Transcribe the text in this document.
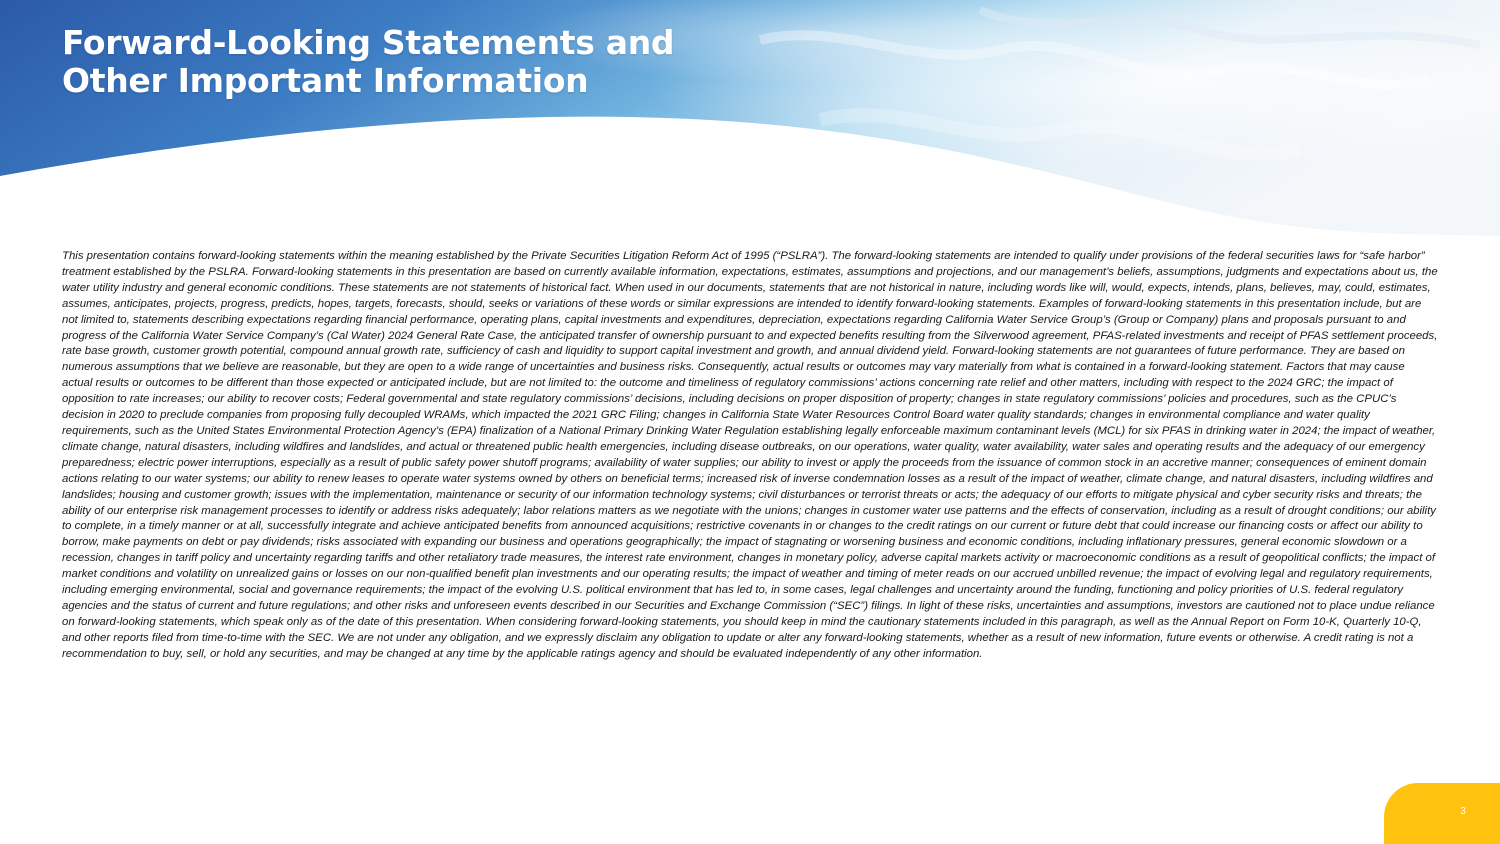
Forward-Looking Statements and
Other Important Information

This presentation contains forward-looking statements within the meaning established by the Private Securities Litigation Reform Act of 1995 (“PSLRA”). The forward-looking statements are intended to qualify under provisions of the federal securities laws for “safe harbor” treatment established by the PSLRA. Forward-looking statements in this presentation are based on currently available information, expectations, estimates, assumptions and projections, and our management’s beliefs, assumptions, judgments and expectations about us, the water utility industry and general economic conditions. These statements are not statements of historical fact. When used in our documents, statements that are not historical in nature, including words like will, would, expects, intends, plans, believes, may, could, estimates, assumes, anticipates, projects, progress, predicts, hopes, targets, forecasts, should, seeks or variations of these words or similar expressions are intended to identify forward-looking statements. Examples of forward-looking statements in this presentation include, but are not limited to, statements describing expectations regarding financial performance, operating plans, capital investments and expenditures, depreciation, expectations regarding California Water Service Group’s (Group or Company) plans and proposals pursuant to and progress of the California Water Service Company’s (Cal Water) 2024 General Rate Case, the anticipated transfer of ownership pursuant to and expected benefits resulting from the Silverwood agreement, PFAS-related investments and receipt of PFAS settlement proceeds, rate base growth, customer growth potential, compound annual growth rate, sufficiency of cash and liquidity to support capital investment and growth, and annual dividend yield. Forward-looking statements are not guarantees of future performance. They are based on numerous assumptions that we believe are reasonable, but they are open to a wide range of uncertainties and business risks. Consequently, actual results or outcomes may vary materially from what is contained in a forward-looking statement. Factors that may cause actual results or outcomes to be different than those expected or anticipated include, but are not limited to: the outcome and timeliness of regulatory commissions’ actions concerning rate relief and other matters, including with respect to the 2024 GRC; the impact of opposition to rate increases; our ability to recover costs; Federal governmental and state regulatory commissions’ decisions, including decisions on proper disposition of property; changes in state regulatory commissions’ policies and procedures, such as the CPUC’s decision in 2020 to preclude companies from proposing fully decoupled WRAMs, which impacted the 2021 GRC Filing; changes in California State Water Resources Control Board water quality standards; changes in environmental compliance and water quality requirements, such as the United States Environmental Protection Agency’s (EPA) finalization of a National Primary Drinking Water Regulation establishing legally enforceable maximum contaminant levels (MCL) for six PFAS in drinking water in 2024; the impact of weather, climate change, natural disasters, including wildfires and landslides, and actual or threatened public health emergencies, including disease outbreaks, on our operations, water quality, water availability, water sales and operating results and the adequacy of our emergency preparedness; electric power interruptions, especially as a result of public safety power shutoff programs; availability of water supplies; our ability to invest or apply the proceeds from the issuance of common stock in an accretive manner; consequences of eminent domain actions relating to our water systems; our ability to renew leases to operate water systems owned by others on beneficial terms; increased risk of inverse condemnation losses as a result of the impact of weather, climate change, and natural disasters, including wildfires and landslides; housing and customer growth; issues with the implementation, maintenance or security of our information technology systems; civil disturbances or terrorist threats or acts; the adequacy of our efforts to mitigate physical and cyber security risks and threats; the ability of our enterprise risk management processes to identify or address risks adequately; labor relations matters as we negotiate with the unions; changes in customer water use patterns and the effects of conservation, including as a result of drought conditions; our ability to complete, in a timely manner or at all, successfully integrate and achieve anticipated benefits from announced acquisitions; restrictive covenants in or changes to the credit ratings on our current or future debt that could increase our financing costs or affect our ability to borrow, make payments on debt or pay dividends; risks associated with expanding our business and operations geographically; the impact of stagnating or worsening business and economic conditions, including inflationary pressures, general economic slowdown or a recession, changes in tariff policy and uncertainty regarding tariffs and other retaliatory trade measures, the interest rate environment, changes in monetary policy, adverse capital markets activity or macroeconomic conditions as a result of geopolitical conflicts; the impact of market conditions and volatility on unrealized gains or losses on our non-qualified benefit plan investments and our operating results; the impact of weather and timing of meter reads on our accrued unbilled revenue; the impact of evolving legal and regulatory requirements, including emerging environmental, social and governance requirements; the impact of the evolving U.S. political environment that has led to, in some cases, legal challenges and uncertainty around the funding, functioning and policy priorities of U.S. federal regulatory agencies and the status of current and future regulations; and other risks and unforeseen events described in our Securities and Exchange Commission (“SEC”) filings. In light of these risks, uncertainties and assumptions, investors are cautioned not to place undue reliance on forward-looking statements, which speak only as of the date of this presentation. When considering forward-looking statements, you should keep in mind the cautionary statements included in this paragraph, as well as the Annual Report on Form 10-K, Quarterly 10-Q, and other reports filed from time-to-time with the SEC. We are not under any obligation, and we expressly disclaim any obligation to update or alter any forward-looking statements, whether as a result of new information, future events or otherwise. A credit rating is not a recommendation to buy, sell, or hold any securities, and may be changed at any time by the applicable ratings agency and should be evaluated independently of any other information.

3
